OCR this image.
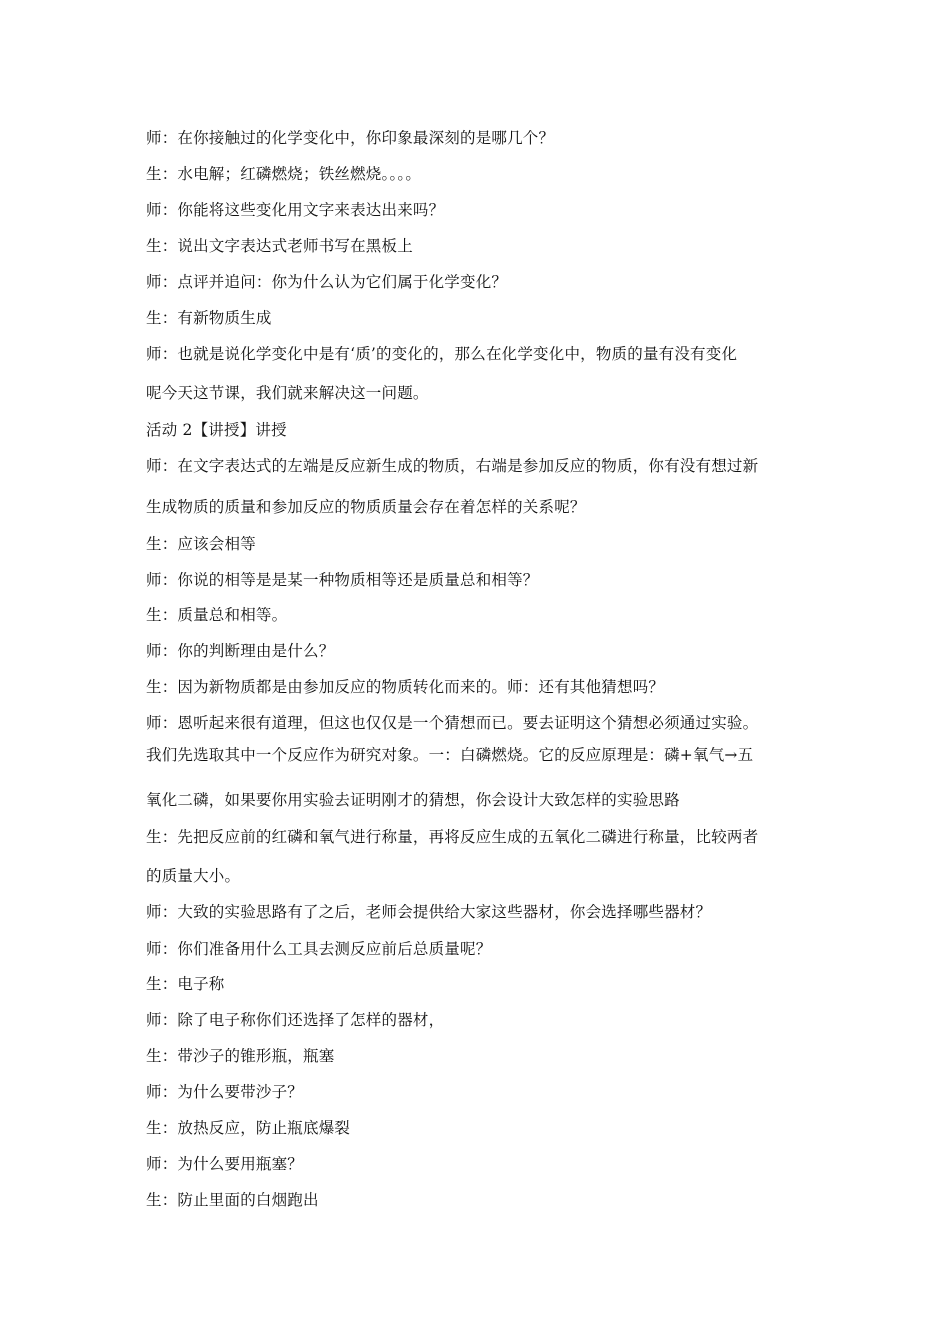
师：在你接触过的化学变化中，你印象最深刻的是哪几个？
生：水电解；红磷燃烧；铁丝燃烧。。。。
师：你能将这些变化用文字来表达出来吗？
生：说出文字表达式老师书写在黑板上
师：点评并追问：你为什么认为它们属于化学变化？
生：有新物质生成
师：也就是说化学变化中是有‘质’的变化的，那么在化学变化中，物质的量有没有变化
呢今天这节课，我们就来解决这一问题。
活动 2【讲授】讲授
师：在文字表达式的左端是反应新生成的物质，右端是参加反应的物质，你有没有想过新
生成物质的质量和参加反应的物质质量会存在着怎样的关系呢？
生：应该会相等
师：你说的相等是是某一种物质相等还是质量总和相等？
生：质量总和相等。
师：你的判断理由是什么？
生：因为新物质都是由参加反应的物质转化而来的。师：还有其他猜想吗？
师：恩听起来很有道理，但这也仅仅是一个猜想而已。要去证明这个猜想必须通过实验。
我们先选取其中一个反应作为研究对象。一：白磷燃烧。它的反应原理是：磷+氧气→五
氧化二磷，如果要你用实验去证明刚才的猜想，你会设计大致怎样的实验思路
生：先把反应前的红磷和氧气进行称量，再将反应生成的五氧化二磷进行称量，比较两者
的质量大小。
师：大致的实验思路有了之后，老师会提供给大家这些器材，你会选择哪些器材？
师：你们准备用什么工具去测反应前后总质量呢？
生：电子称
师：除了电子称你们还选择了怎样的器材，
生：带沙子的锥形瓶，瓶塞
师：为什么要带沙子？
生：放热反应，防止瓶底爆裂
师：为什么要用瓶塞？
生：防止里面的白烟跑出
